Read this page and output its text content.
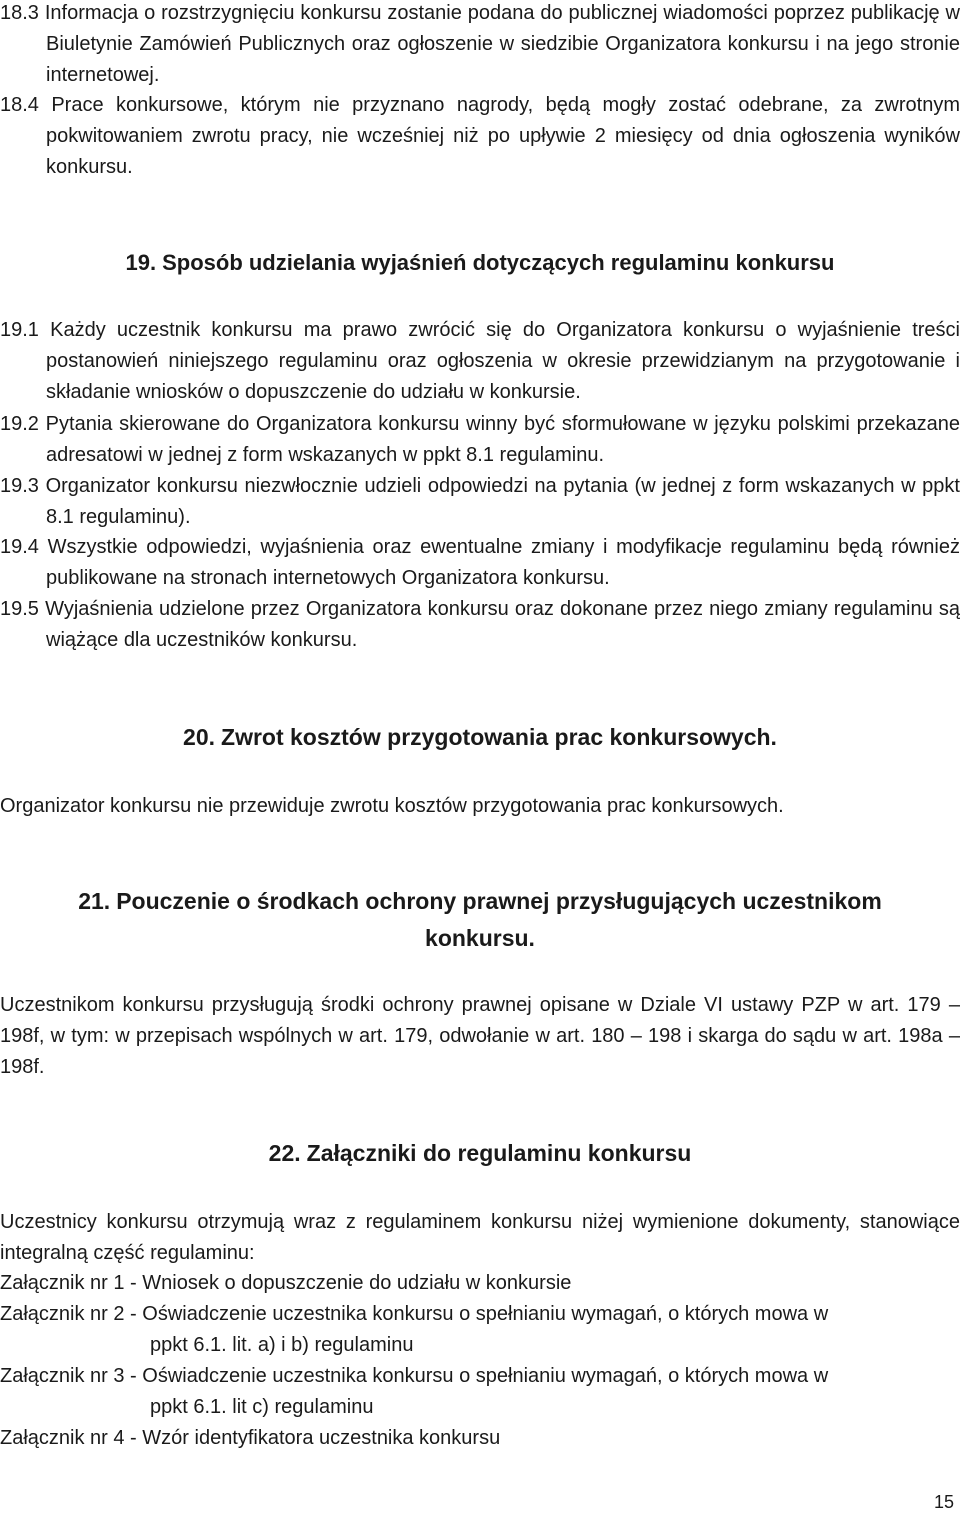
18.3 Informacja o rozstrzygnięciu konkursu zostanie podana do publicznej wiadomości poprzez publikację w Biuletynie Zamówień Publicznych oraz ogłoszenie w siedzibie Organizatora konkursu i na jego stronie internetowej.
18.4 Prace konkursowe, którym nie przyznano nagrody, będą mogły zostać odebrane, za zwrotnym pokwitowaniem zwrotu pracy, nie wcześniej niż po upływie 2 miesięcy od dnia ogłoszenia wyników konkursu.
19. Sposób udzielania wyjaśnień dotyczących regulaminu konkursu
19.1 Każdy uczestnik konkursu ma prawo zwrócić się do Organizatora konkursu o wyjaśnienie treści postanowień niniejszego regulaminu oraz ogłoszenia w okresie przewidzianym na przygotowanie i składanie wniosków o dopuszczenie do udziału w konkursie.
19.2 Pytania skierowane do Organizatora konkursu winny być sformułowane w języku polskimi przekazane adresatowi w jednej z form wskazanych w ppkt 8.1 regulaminu.
19.3 Organizator konkursu niezwłocznie udzieli odpowiedzi na pytania (w jednej z form wskazanych w ppkt 8.1 regulaminu).
19.4 Wszystkie odpowiedzi, wyjaśnienia oraz ewentualne zmiany i modyfikacje regulaminu będą również publikowane na stronach internetowych Organizatora konkursu.
19.5 Wyjaśnienia udzielone przez Organizatora konkursu oraz dokonane przez niego zmiany regulaminu są wiążące dla uczestników konkursu.
20. Zwrot kosztów przygotowania prac konkursowych.
Organizator konkursu nie przewiduje zwrotu kosztów przygotowania prac konkursowych.
21. Pouczenie o środkach ochrony prawnej przysługujących uczestnikom
konkursu.
Uczestnikom konkursu przysługują środki ochrony prawnej opisane w Dziale VI ustawy PZP w art. 179 – 198f, w tym: w przepisach wspólnych w art. 179, odwołanie w art. 180 – 198 i skarga do sądu w art. 198a – 198f.
22. Załączniki do regulaminu konkursu
Uczestnicy konkursu otrzymują wraz z regulaminem konkursu niżej wymienione dokumenty, stanowiące integralną część regulaminu:
Załącznik nr 1 - Wniosek o dopuszczenie do udziału w konkursie
Załącznik nr 2 - Oświadczenie uczestnika konkursu o spełnianiu wymagań, o których mowa w
ppkt 6.1. lit. a) i b) regulaminu
Załącznik nr 3 - Oświadczenie uczestnika konkursu o spełnianiu wymagań, o których mowa w
ppkt 6.1. lit c) regulaminu
Załącznik nr 4 - Wzór identyfikatora uczestnika konkursu
15
